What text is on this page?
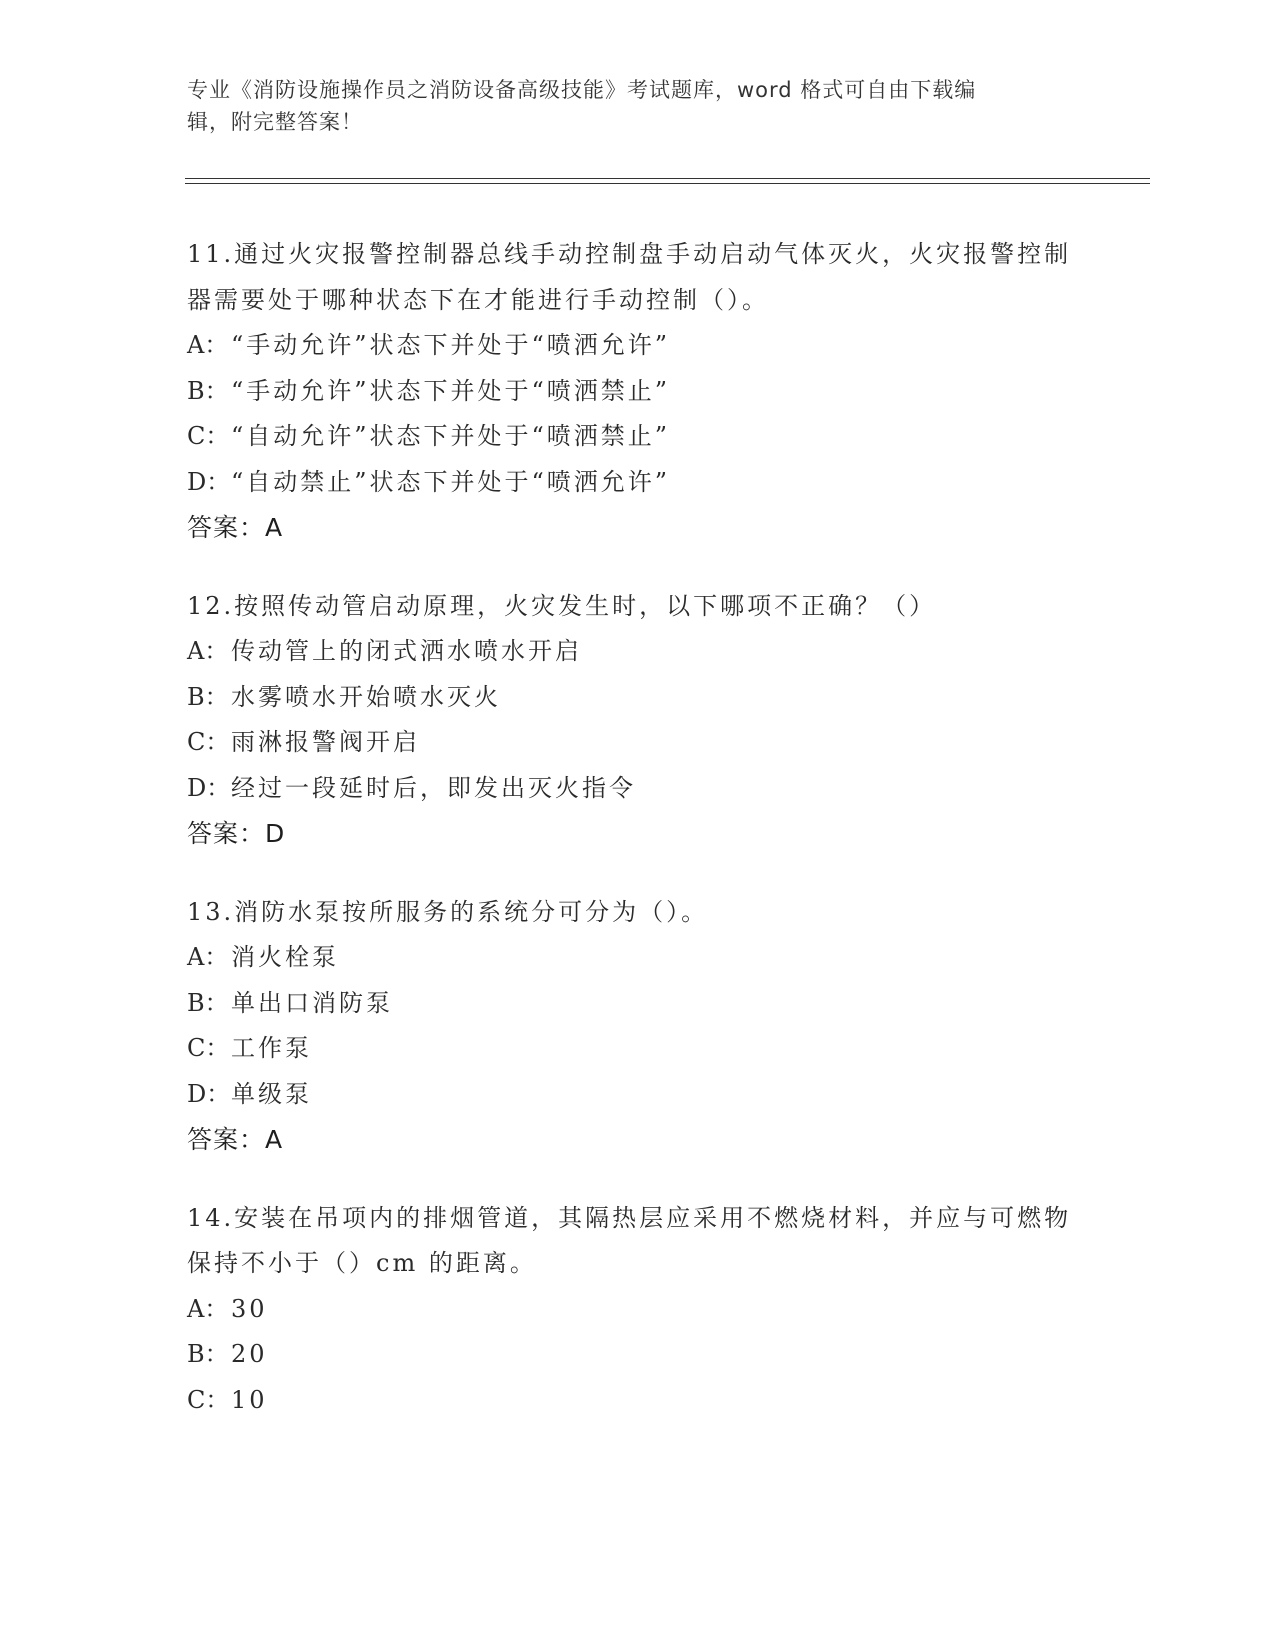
专业《消防设施操作员之消防设备高级技能》考试题库，word 格式可自由下载编
辑，附完整答案！

11.通过火灾报警控制器总线手动控制盘手动启动气体灭火，火灾报警控制器需要处于哪种状态下在才能进行手动控制（）。

A： “手动允许”状态下并处于“喷洒允许”
B：“手动允许”状态下并处于“喷洒禁止”
C：“自动允许”状态下并处于“喷洒禁止”
D：“自动禁止”状态下并处于“喷洒允许”
答案：A

12.按照传动管启动原理，火灾发生时，以下哪项不正确？（）

A： 传动管上的闭式洒水喷水开启
B：水雾喷水开始喷水灭火
C：雨淋报警阀开启
D：经过一段延时后，即发出灭火指令
答案：D

13.消防水泵按所服务的系统分可分为（）。

A： 消火栓泵
B：单出口消防泵
C：工作泵
D：单级泵
答案：A

14.安装在吊项内的排烟管道，其隔热层应采用不燃烧材料，并应与可燃物保持不小于（）cm 的距离。

A： 30
B：20
C：10
